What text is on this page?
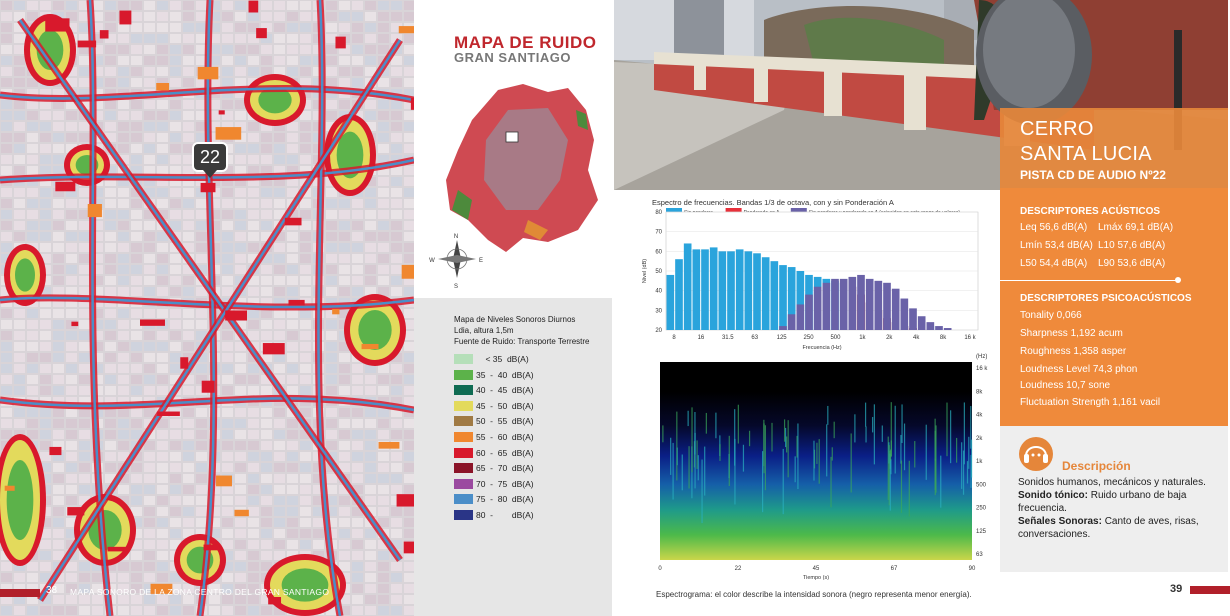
22
38 MAPA SONORO DE LA ZONA CENTRO DEL GRAN SANTIAGO
MAPA DE RUIDO
GRAN SANTIAGO
N
S
E
W
Mapa de Niveles Sonoros Diurnos
Ldia, altura 1,5m
Fuente de Ruido: Transporte Terrestre
< 35  dB(A)
35  -  40  dB(A)
40  -  45  dB(A)
45  -  50  dB(A)
50  -  55  dB(A)
55  -  60  dB(A)
60  -  65  dB(A)
65  -  70  dB(A)
70  -  75  dB(A)
75  -  80  dB(A)
80  -        dB(A)
CERRO
SANTA LUCIA
PISTA CD DE AUDIO Nº22
Espectro de frecuencias. Bandas 1/3 de octava, con y sin Ponderación A
20
30
40
50
60
70
80
8	16	31.5	63	125	250	500	1k	2k	4k	8k	16 k
Frecuencia (Hz)
Nivel (dB)
16 k
8k
4k
2k
1k
500
250
125
63
(Hz)
0	22	45	67	90
Tiempo (s)
Espectrograma: el color describe la intensidad sonora (negro representa menor energía).
DESCRIPTORES ACÚSTICOS
Leq 56,6 dB(A) Lmáx 69,1 dB(A)
Lmín 53,4 dB(A) L10 57,6 dB(A)
L50 54,4 dB(A) L90 53,6 dB(A)
DESCRIPTORES PSICOACÚSTICOS
Tonality 0,066
Sharpness 1,192 acum
Roughness 1,358 asper
Loudness Level 74,3 phon
Loudness 10,7 sone
Fluctuation Strength 1,161 vacil
Descripción
Sonidos humanos, mecánicos y naturales.
Sonido tónico: Ruido urbano de baja frecuencia.
Señales Sonoras: Canto de aves, risas, conversaciones.
39
